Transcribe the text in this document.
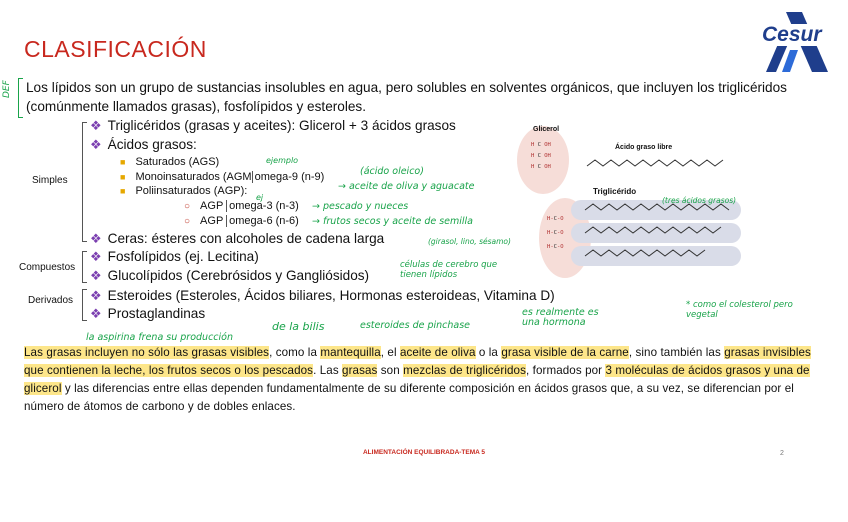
CLASIFICACIÓN
Cesur
DEF Los lípidos son un grupo de sustancias insolubles en agua, pero solubles en solventes orgánicos, que incluyen los triglicéridos (comúnmente llamados grasas), fosfolípidos y esteroles.
Simples
Compuestos
Derivados
❖ Triglicéridos (grasas y aceites): Glicerol + 3 ácidos grasos
❖ Ácidos grasos:
■ Saturados (AGS)
■ Monoinsaturados (AGM omega-9 (n-9)
■ Poliinsaturados (AGP):
○ AGP omega-3 (n-3)
○ AGP omega-6 (n-6)
❖ Ceras: ésteres con alcoholes de cadena larga
❖ Fosfolípidos (ej. Lecitina)
❖ Glucolípidos (Cerebrósidos y Gangliósidos)
❖ Esteroides (Esteroles, Ácidos biliares, Hormonas esteroideas, Vitamina D)
❖ Prostaglandinas
Glicerol
Ácido graso libre
Triglicérido
H C OH
H C OH
H C OH
H-C-O
H-C-O
H-C-O
ejemplo
(ácido oleico)
→ aceite de oliva y aguacate
ej
→ pescado y nueces
→ frutos secos y aceite de semilla
(girasol, lino, sésamo)
(tres ácidos grasos)
células de cerebro que tienen lípidos
* como el colesterol pero vegetal
la aspirina frena su producción
de la bilis	esteroides de pinchase
es realmente es una hormona
Las grasas incluyen no sólo las grasas visibles, como la mantequilla, el aceite de oliva o la grasa visible de la carne, sino también las grasas invisibles que contienen la leche, los frutos secos o los pescados. Las grasas son mezclas de triglicéridos, formados por 3 moléculas de ácidos grasos y una de glicerol y las diferencias entre ellas dependen fundamentalmente de su diferente composición en ácidos grasos que, a su vez, se diferencian por el número de átomos de carbono y de dobles enlaces.
ALIMENTACIÓN EQUILIBRADA-TEMA 5	2
